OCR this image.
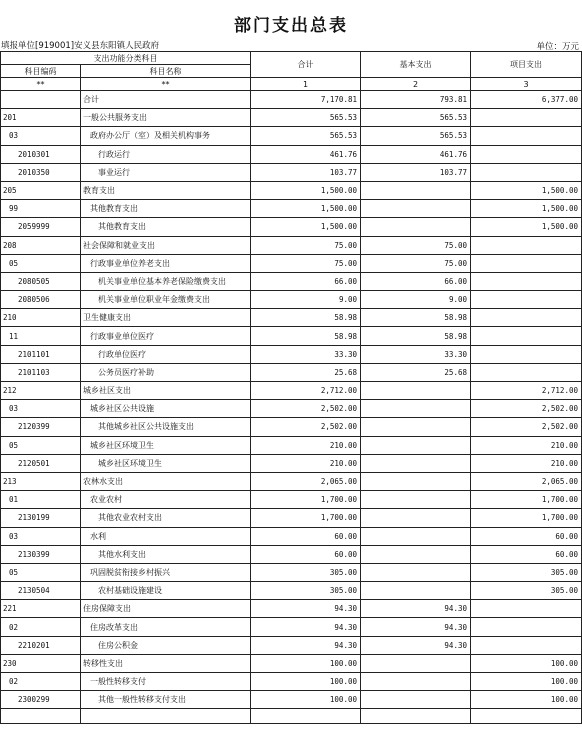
部门支出总表
填报单位[919001]安义县东阳镇人民政府	单位：万元
支出功能分类科目		合计	基本支出	项目支出
科目编码	科目名称			
**	**	1	2	3
	合计	7,170.81	793.81	6,377.00
201	一般公共服务支出	565.53	565.53	
03	政府办公厅（室）及相关机构事务	565.53	565.53	
2010301	行政运行	461.76	461.76	
2010350	事业运行	103.77	103.77	
205	教育支出	1,500.00		1,500.00
99	其他教育支出	1,500.00		1,500.00
2059999	其他教育支出	1,500.00		1,500.00
208	社会保障和就业支出	75.00	75.00	
05	行政事业单位养老支出	75.00	75.00	
2080505	机关事业单位基本养老保险缴费支出	66.00	66.00	
2080506	机关事业单位职业年金缴费支出	9.00	9.00	
210	卫生健康支出	58.98	58.98	
11	行政事业单位医疗	58.98	58.98	
2101101	行政单位医疗	33.30	33.30	
2101103	公务员医疗补助	25.68	25.68	
212	城乡社区支出	2,712.00		2,712.00
03	城乡社区公共设施	2,502.00		2,502.00
2120399	其他城乡社区公共设施支出	2,502.00		2,502.00
05	城乡社区环境卫生	210.00		210.00
2120501	城乡社区环境卫生	210.00		210.00
213	农林水支出	2,065.00		2,065.00
01	农业农村	1,700.00		1,700.00
2130199	其他农业农村支出	1,700.00		1,700.00
03	水利	60.00		60.00
2130399	其他水利支出	60.00		60.00
05	巩固脱贫衔接乡村振兴	305.00		305.00
2130504	农村基础设施建设	305.00		305.00
221	住房保障支出	94.30	94.30	
02	住房改革支出	94.30	94.30	
2210201	住房公积金	94.30	94.30	
230	转移性支出	100.00		100.00
02	一般性转移支付	100.00		100.00
2300299	其他一般性转移支付支出	100.00		100.00
